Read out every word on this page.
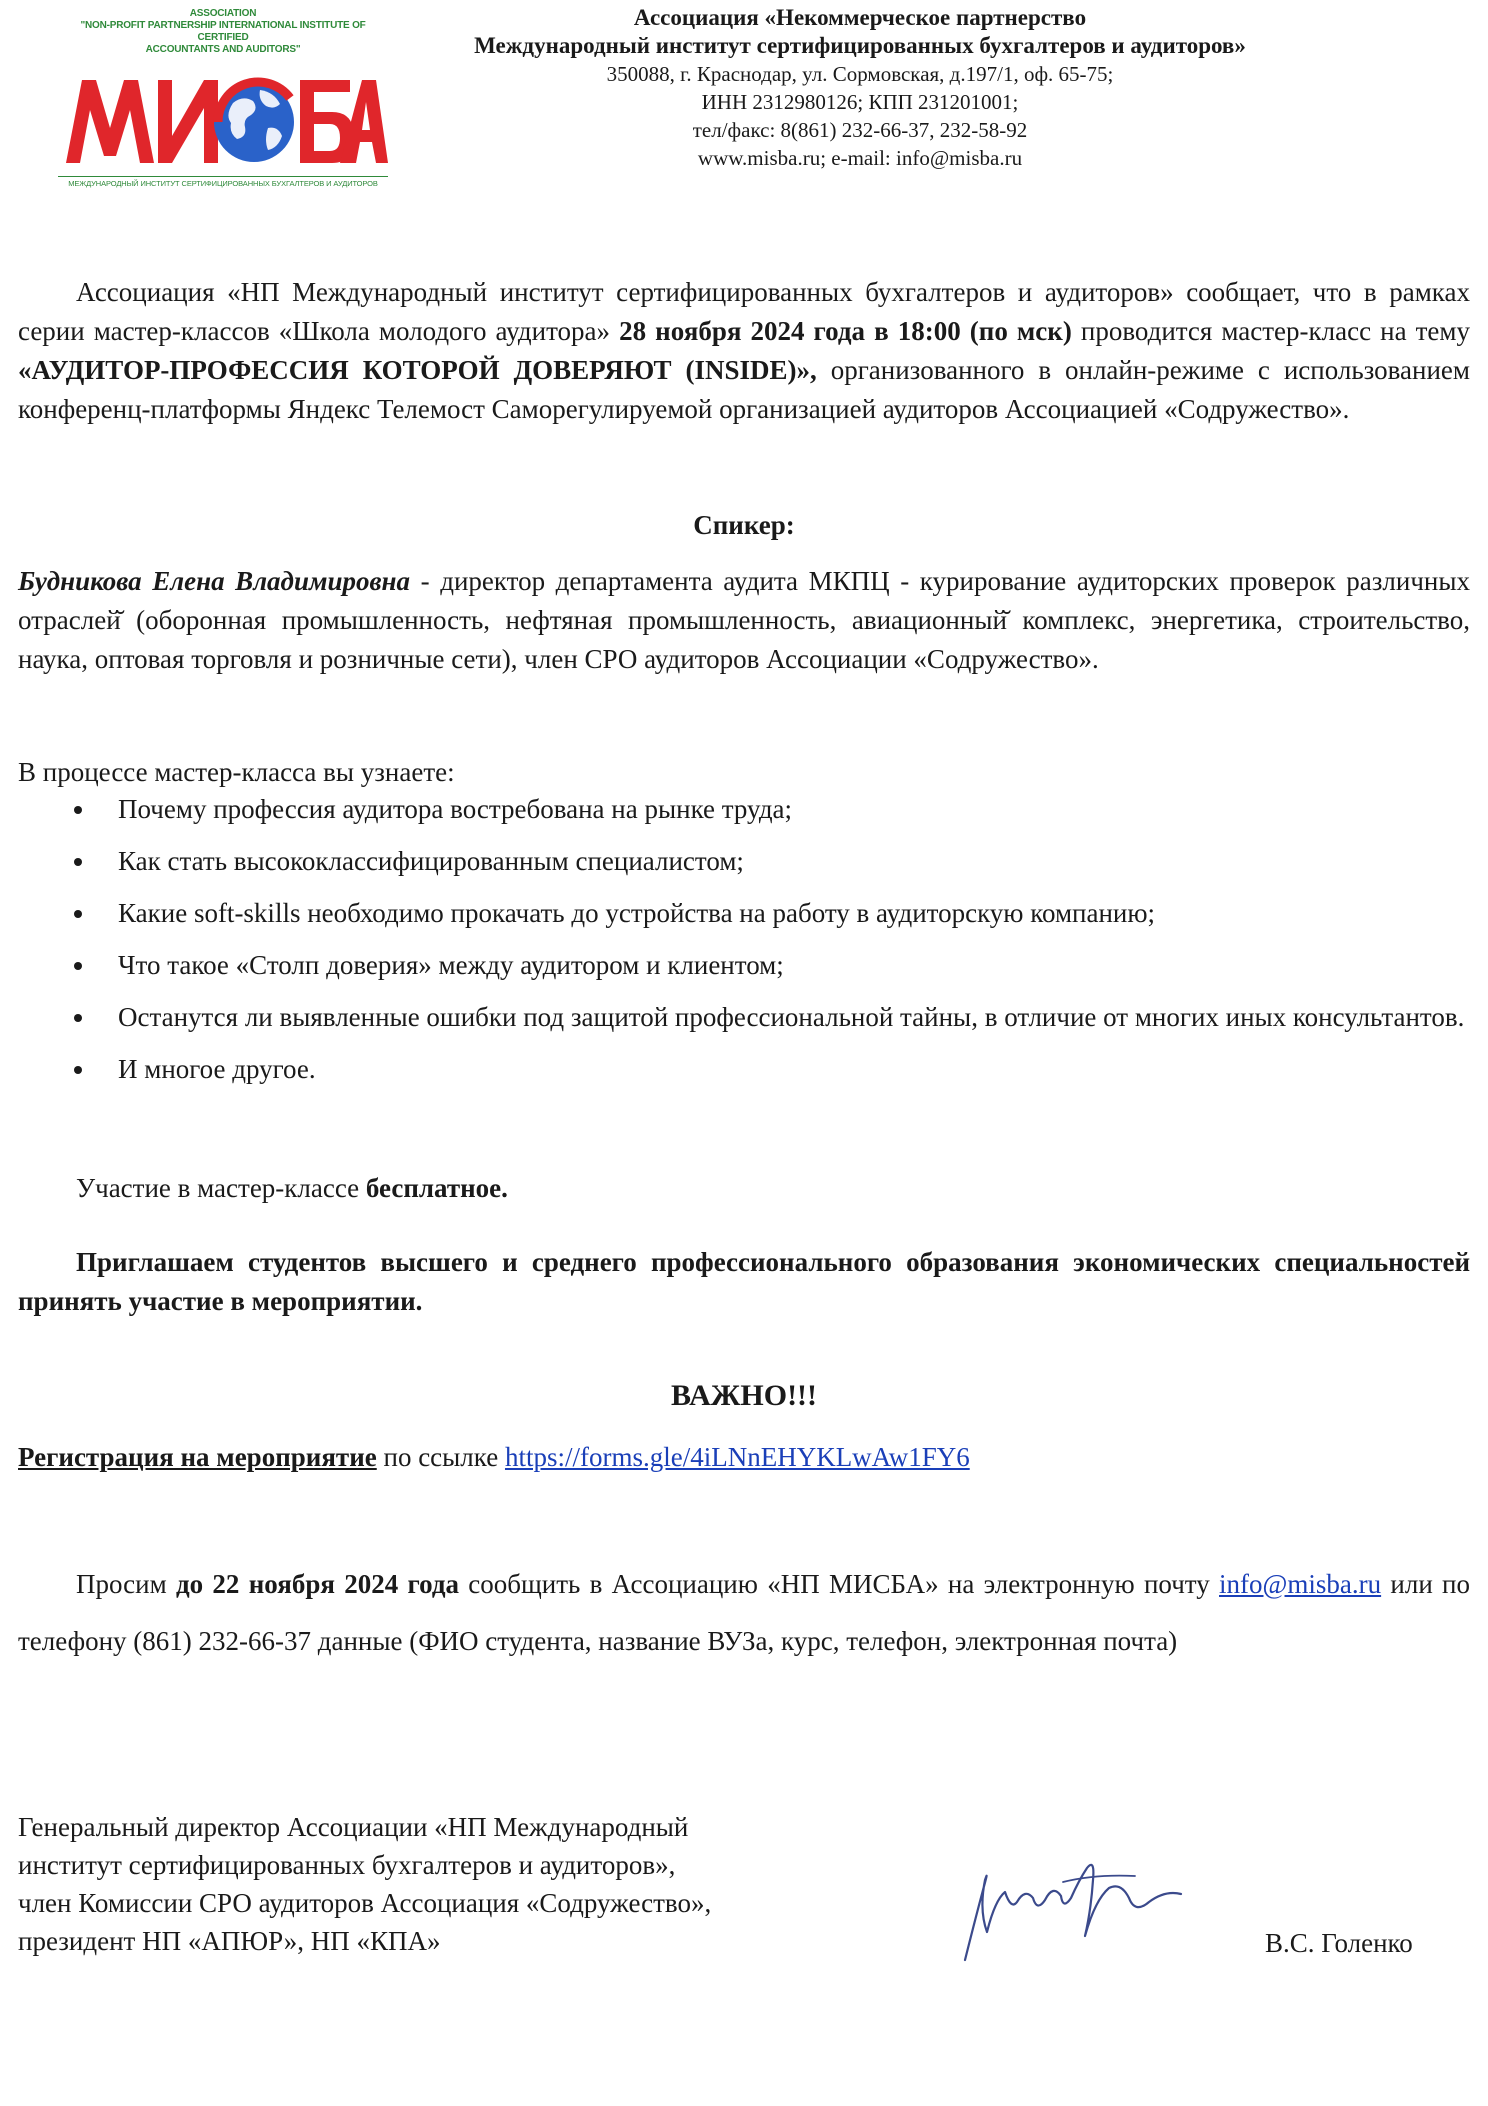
ASSOCIATION
"NON-PROFIT PARTNERSHIP INTERNATIONAL INSTITUTE OF CERTIFIED
ACCOUNTANTS AND AUDITORS"
МЕЖДУНАРОДНЫЙ ИНСТИТУТ СЕРТИФИЦИРОВАННЫХ БУХГАЛТЕРОВ И АУДИТОРОВ
Ассоциация «Некоммерческое партнерство
Международный институт сертифицированных бухгалтеров и аудиторов»
350088, г. Краснодар, ул. Сормовская, д.197/1, оф. 65-75;
ИНН 2312980126; КПП 231201001;
тел/факс: 8(861) 232-66-37, 232-58-92
www.misba.ru; e-mail: info@misba.ru
Ассоциация «НП Международный институт сертифицированных бухгалтеров и аудиторов» сообщает, что в рамках серии мастер-классов «Школа молодого аудитора» 28 ноября 2024 года в 18:00 (по мск) проводится мастер-класс на тему «АУДИТОР-ПРОФЕССИЯ КОТОРОЙ ДОВЕРЯЮТ (INSIDE)», организованного в онлайн-режиме с использованием конференц-платформы Яндекс Телемост Саморегулируемой организацией аудиторов Ассоциацией «Содружество».
Спикер:
Будникова Елена Владимировна - директор департамента аудита МКПЦ - курирование аудиторских проверок различных отраслей̆ (оборонная промышленность, нефтяная промышленность, авиационный̆ комплекс, энергетика, строительство, наука, оптовая торговля и розничные сети), член СРО аудиторов Ассоциации «Содружество».
В процессе мастер-класса вы узнаете:
Почему профессия аудитора востребована на рынке труда;
Как стать высококлассифицированным специалистом;
Какие soft-skills необходимо прокачать до устройства на работу в аудиторскую компанию;
Что такое «Столп доверия» между аудитором и клиентом;
Останутся ли выявленные ошибки под защитой профессиональной тайны, в отличие от многих иных консультантов.
И многое другое.
Участие в мастер-классе бесплатное.
Приглашаем студентов высшего и среднего профессионального образования экономических специальностей принять участие в мероприятии.
ВАЖНО!!!
Регистрация на мероприятие по ссылке https://forms.gle/4iLNnEHYKLwAw1FY6
Просим до 22 ноября 2024 года сообщить в Ассоциацию «НП МИСБА» на электронную почту info@misba.ru или по телефону (861) 232-66-37 данные (ФИО студента, название ВУЗа, курс, телефон, электронная почта)
Генеральный директор Ассоциации «НП Международный
институт сертифицированных бухгалтеров и аудиторов»,
член Комиссии СРО аудиторов Ассоциация «Содружество»,
президент НП «АПЮР», НП «КПА»	В.С. Голенко
